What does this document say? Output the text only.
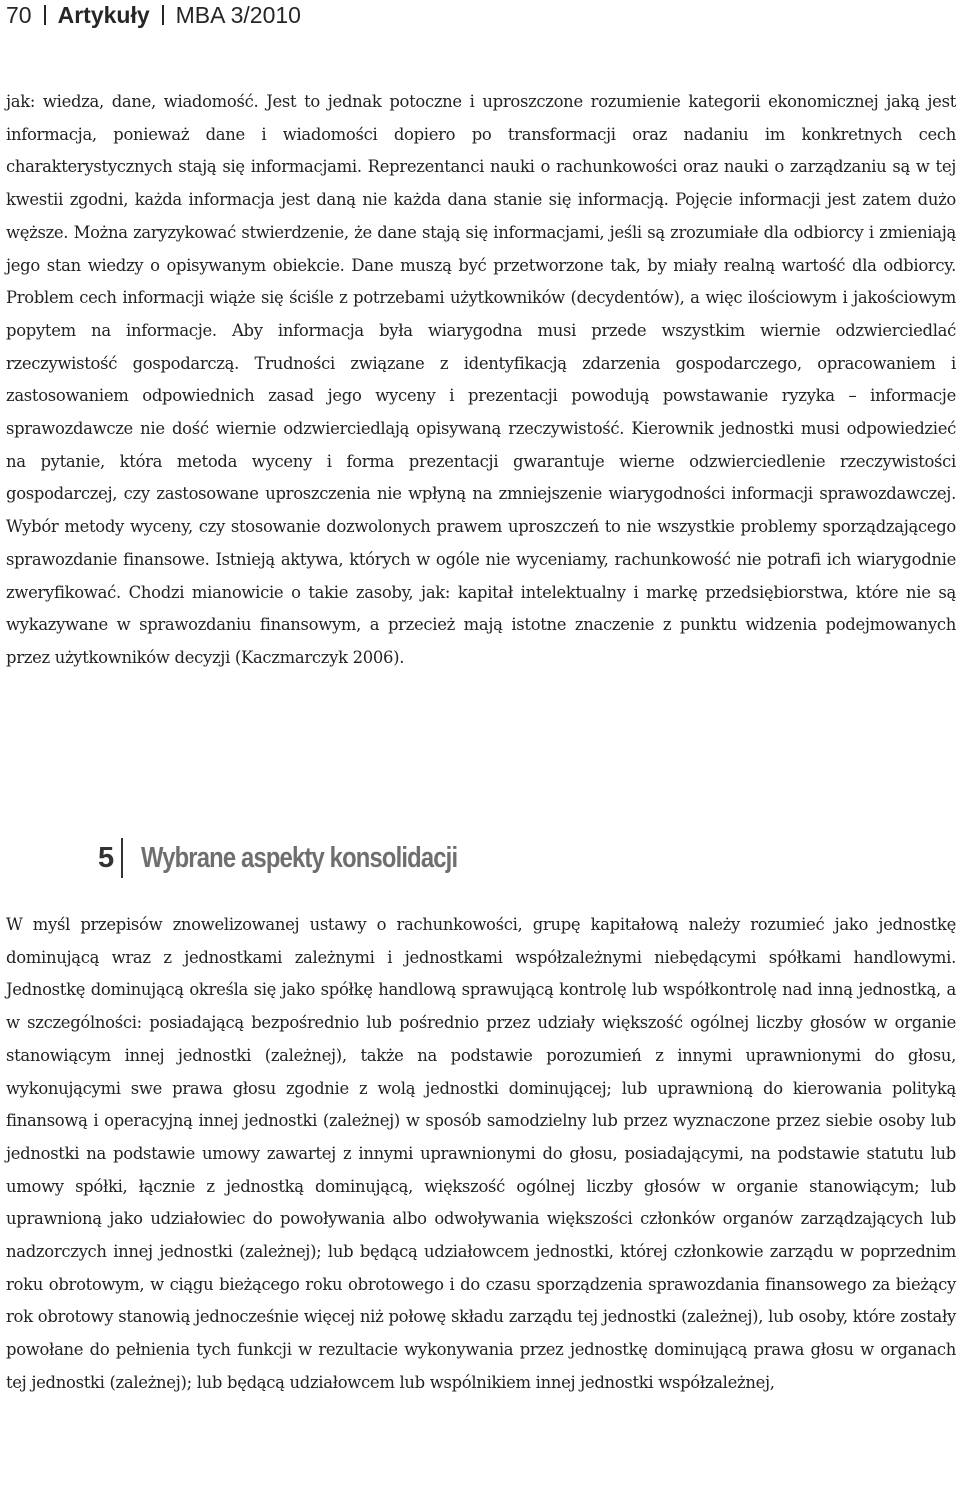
70 Artykuły MBA 3/2010

jak: wiedza, dane, wiadomość. Jest to jednak potoczne i uproszczone rozumienie kategorii ekonomicznej jaką jest informacja, ponieważ dane i wiadomości dopiero po transformacji oraz nadaniu im konkretnych cech charakterystycznych stają się informacjami. Reprezentanci nauki o rachunkowości oraz nauki o zarządzaniu są w tej kwestii zgodni, każda informacja jest daną nie każda dana stanie się informacją. Pojęcie informacji jest zatem dużo węższe. Można zaryzykować stwierdzenie, że dane stają się informacjami, jeśli są zrozumiałe dla odbiorcy i zmieniają jego stan wiedzy o opisywanym obiekcie. Dane muszą być przetworzone tak, by miały realną wartość dla odbiorcy. Problem cech informacji wiąże się ściśle z potrzebami użytkowników (decydentów), a więc ilościowym i jakościowym popytem na informacje. Aby informacja była wiarygodna musi przede wszystkim wiernie odzwierciedlać rzeczywistość gospodarczą. Trudności związane z identyfikacją zdarzenia gospodarczego, opracowaniem i zastosowaniem odpowiednich zasad jego wyceny i prezentacji powodują powstawanie ryzyka – informacje sprawozdawcze nie dość wiernie odzwierciedlają opisywaną rzeczywistość. Kierownik jednostki musi odpowiedzieć na pytanie, która metoda wyceny i forma prezentacji gwarantuje wierne odzwierciedlenie rzeczywistości gospodarczej, czy zastosowane uproszczenia nie wpłyną na zmniejszenie wiarygodności informacji sprawozdawczej. Wybór metody wyceny, czy stosowanie dozwolonych prawem uproszczeń to nie wszystkie problemy sporządzającego sprawozdanie finansowe. Istnieją aktywa, których w ogóle nie wyceniamy, rachunkowość nie potrafi ich wiarygodnie zweryfikować. Chodzi mianowicie o takie zasoby, jak: kapitał intelektualny i markę przedsiębiorstwa, które nie są wykazywane w sprawozdaniu finansowym, a przecież mają istotne znaczenie z punktu widzenia podejmowanych przez użytkowników decyzji (Kaczmarczyk 2006).

5 Wybrane aspekty konsolidacji

W myśl przepisów znowelizowanej ustawy o rachunkowości, grupę kapitałową należy rozumieć jako jednostkę dominującą wraz z jednostkami zależnymi i jednostkami współzależnymi niebędącymi spółkami handlowymi. Jednostkę dominującą określa się jako spółkę handlową sprawującą kontrolę lub współkontrolę nad inną jednostką, a w szczególności: posiadającą bezpośrednio lub pośrednio przez udziały większość ogólnej liczby głosów w organie stanowiącym innej jednostki (zależnej), także na podstawie porozumień z innymi uprawnionymi do głosu, wykonującymi swe prawa głosu zgodnie z wolą jednostki dominującej; lub uprawnioną do kierowania polityką finansową i operacyjną innej jednostki (zależnej) w sposób samodzielny lub przez wyznaczone przez siebie osoby lub jednostki na podstawie umowy zawartej z innymi uprawnionymi do głosu, posiadającymi, na podstawie statutu lub umowy spółki, łącznie z jednostką dominującą, większość ogólnej liczby głosów w organie stanowiącym; lub uprawnioną jako udziałowiec do powoływania albo odwoływania większości członków organów zarządzających lub nadzorczych innej jednostki (zależnej); lub będącą udziałowcem jednostki, której członkowie zarządu w poprzednim roku obrotowym, w ciągu bieżącego roku obrotowego i do czasu sporządzenia sprawozdania finansowego za bieżący rok obrotowy stanowią jednocześnie więcej niż połowę składu zarządu tej jednostki (zależnej), lub osoby, które zostały powołane do pełnienia tych funkcji w rezultacie wykonywania przez jednostkę dominującą prawa głosu w organach tej jednostki (zależnej); lub będącą udziałowcem lub wspólnikiem innej jednostki współzależnej,
